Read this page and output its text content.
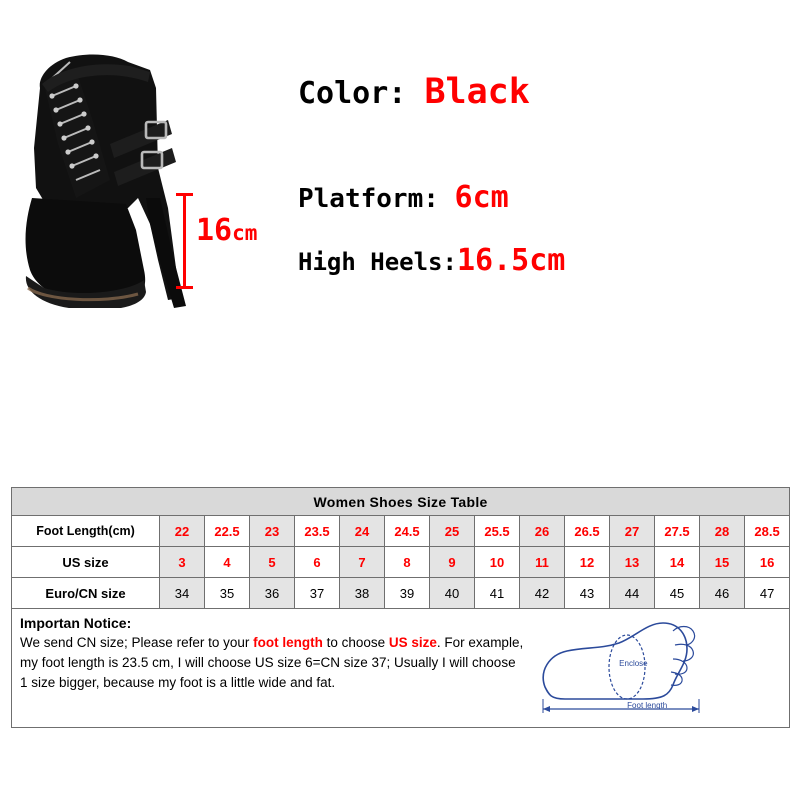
16cm
Color: Black
Platform: 6cm
High Heels:16.5cm
Women Shoes Size Table														
Foot Length(cm)	22	22.5	23	23.5	24	24.5	25	25.5	26	26.5	27	27.5	28	28.5
US size	3	4	5	6	7	8	9	10	11	12	13	14	15	16
Euro/CN size	34	35	36	37	38	39	40	41	42	43	44	45	46	47

Importan Notice:
We send CN size; Please refer to your foot length to choose US size. For example,
my foot length is 23.5 cm, I will choose US size 6=CN size 37; Usually I will choose
1 size bigger, because my foot is a little wide and fat.
Enclose
Foot length
